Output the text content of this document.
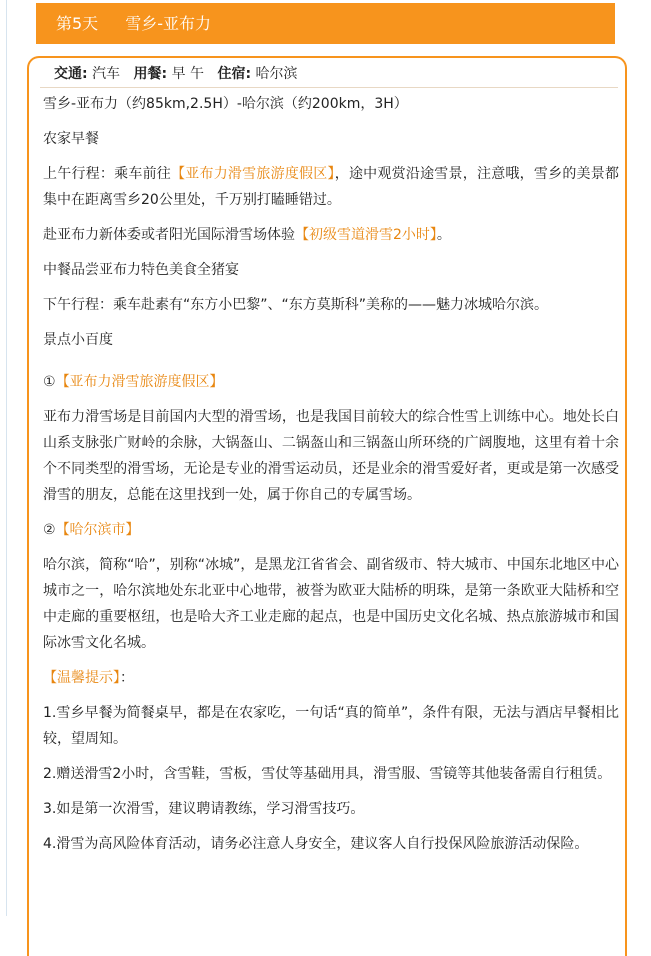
第5天 雪乡-亚布力
交通: 汽车 用餐: 早 午 住宿: 哈尔滨

雪乡-亚布力（约85km,2.5H）-哈尔滨（约200km，3H）

农家早餐

上午行程：乘车前往【亚布力滑雪旅游度假区】，途中观赏沿途雪景，注意哦，雪乡的美景都集中在距离雪乡20公里处，千万别打瞌睡错过。

赴亚布力新体委或者阳光国际滑雪场体验【初级雪道滑雪2小时】。

中餐品尝亚布力特色美食全猪宴

下午行程：乘车赴素有“东方小巴黎”、“东方莫斯科”美称的——魅力冰城哈尔滨。

景点小百度

①【亚布力滑雪旅游度假区】

亚布力滑雪场是目前国内大型的滑雪场，也是我国目前较大的综合性雪上训练中心。地处长白山系支脉张广财岭的余脉，大锅盔山、二锅盔山和三锅盔山所环绕的广阔腹地，这里有着十余个不同类型的滑雪场，无论是专业的滑雪运动员，还是业余的滑雪爱好者，更或是第一次感受滑雪的朋友，总能在这里找到一处，属于你自己的专属雪场。

②【哈尔滨市】

哈尔滨，简称“哈”，别称“冰城”，是黑龙江省省会、副省级市、特大城市、中国东北地区中心城市之一，哈尔滨地处东北亚中心地带，被誉为欧亚大陆桥的明珠，是第一条欧亚大陆桥和空中走廊的重要枢纽，也是哈大齐工业走廊的起点，也是中国历史文化名城、热点旅游城市和国际冰雪文化名城。

【温馨提示】：

1.雪乡早餐为简餐桌早，都是在农家吃，一句话“真的简单”，条件有限，无法与酒店早餐相比较，望周知。

2.赠送滑雪2小时，含雪鞋，雪板，雪仗等基础用具，滑雪服、雪镜等其他装备需自行租赁。

3.如是第一次滑雪，建议聘请教练，学习滑雪技巧。

4.滑雪为高风险体育活动，请务必注意人身安全，建议客人自行投保风险旅游活动保险。
